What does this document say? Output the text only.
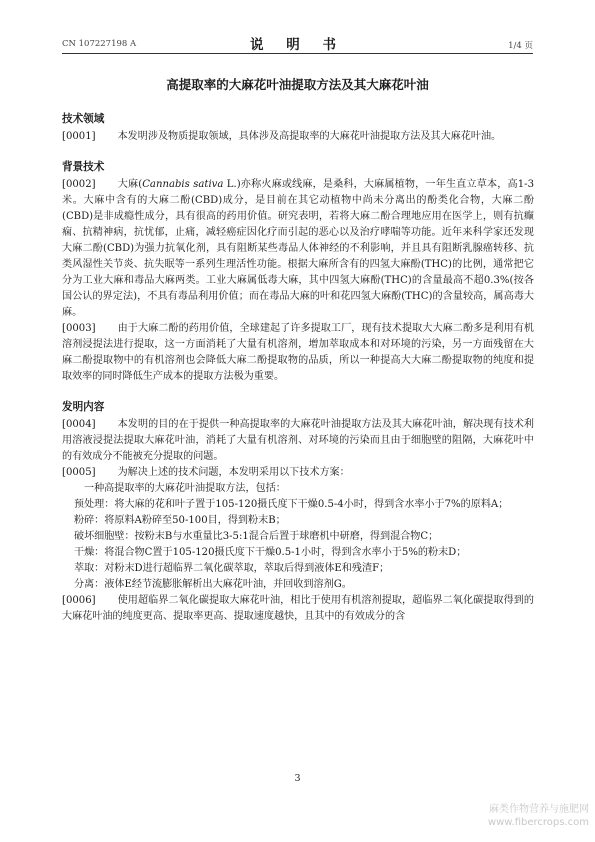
CN 107227198 A	说 明 书	1/4 页
高提取率的大麻花叶油提取方法及其大麻花叶油

技术领域

[0001] 本发明涉及物质提取领域，具体涉及高提取率的大麻花叶油提取方法及其大麻花叶油。

背景技术

[0002] 大麻(Cannabis sativa L.)亦称火麻或线麻，是桑科，大麻属植物，一年生直立草本，高1-3米。大麻中含有的大麻二酚(CBD)成分，是目前在其它动植物中尚未分离出的酚类化合物，大麻二酚(CBD)是非成瘾性成分，具有很高的药用价值。研究表明，若将大麻二酚合理地应用在医学上，则有抗癫痫、抗精神病，抗忧郁，止痛，减轻癌症因化疗而引起的恶心以及治疗哮喘等功能。近年来科学家还发现大麻二酚(CBD)为强力抗氧化剂，具有阻断某些毒品人体神经的不利影响，并且具有阻断乳腺癌转移、抗类风湿性关节炎、抗失眠等一系列生理活性功能。根据大麻所含有的四氢大麻酚(THC)的比例，通常把它分为工业大麻和毒品大麻两类。工业大麻属低毒大麻，其中四氢大麻酚(THC)的含量最高不超0.3%(按各国公认的界定法)，不具有毒品利用价值；而在毒品大麻的叶和花四氢大麻酚(THC)的含量较高，属高毒大麻。

[0003] 由于大麻二酚的药用价值，全球建起了许多提取工厂，现有技术提取大大麻二酚多是利用有机溶剂浸提法进行提取，这一方面消耗了大量有机溶剂，增加萃取成本和对环境的污染，另一方面残留在大麻二酚提取物中的有机溶剂也会降低大麻二酚提取物的品质，所以一种提高大大麻二酚提取物的纯度和提取效率的同时降低生产成本的提取方法极为重要。

发明内容

[0004] 本发明的目的在于提供一种高提取率的大麻花叶油提取方法及其大麻花叶油，解决现有技术利用溶液浸提法提取大麻花叶油，消耗了大量有机溶剂、对环境的污染而且由于细胞壁的阻隔，大麻花叶中的有效成分不能被充分提取的问题。

[0005] 为解决上述的技术问题，本发明采用以下技术方案：

一种高提取率的大麻花叶油提取方法，包括：

预处理：将大麻的花和叶子置于105-120摄氏度下干燥0.5-4小时，得到含水率小于7%的原料A；

粉碎：将原料A粉碎至50-100目，得到粉末B；

破坏细胞壁：按粉末B与水重量比3-5:1混合后置于球磨机中研磨，得到混合物C；

干燥：将混合物C置于105-120摄氏度下干燥0.5-1小时，得到含水率小于5%的粉末D；

萃取：对粉末D进行超临界二氧化碳萃取，萃取后得到液体E和残渣F；

分离：液体E经节流膨胀解析出大麻花叶油，并回收到溶剂G。

[0006] 使用超临界二氧化碳提取大麻花叶油，相比于使用有机溶剂提取，超临界二氧化碳提取得到的大麻花叶油的纯度更高、提取率更高、提取速度越快，且其中的有效成分的含

3
麻类作物营养与施肥网
www.fibercrops.com
